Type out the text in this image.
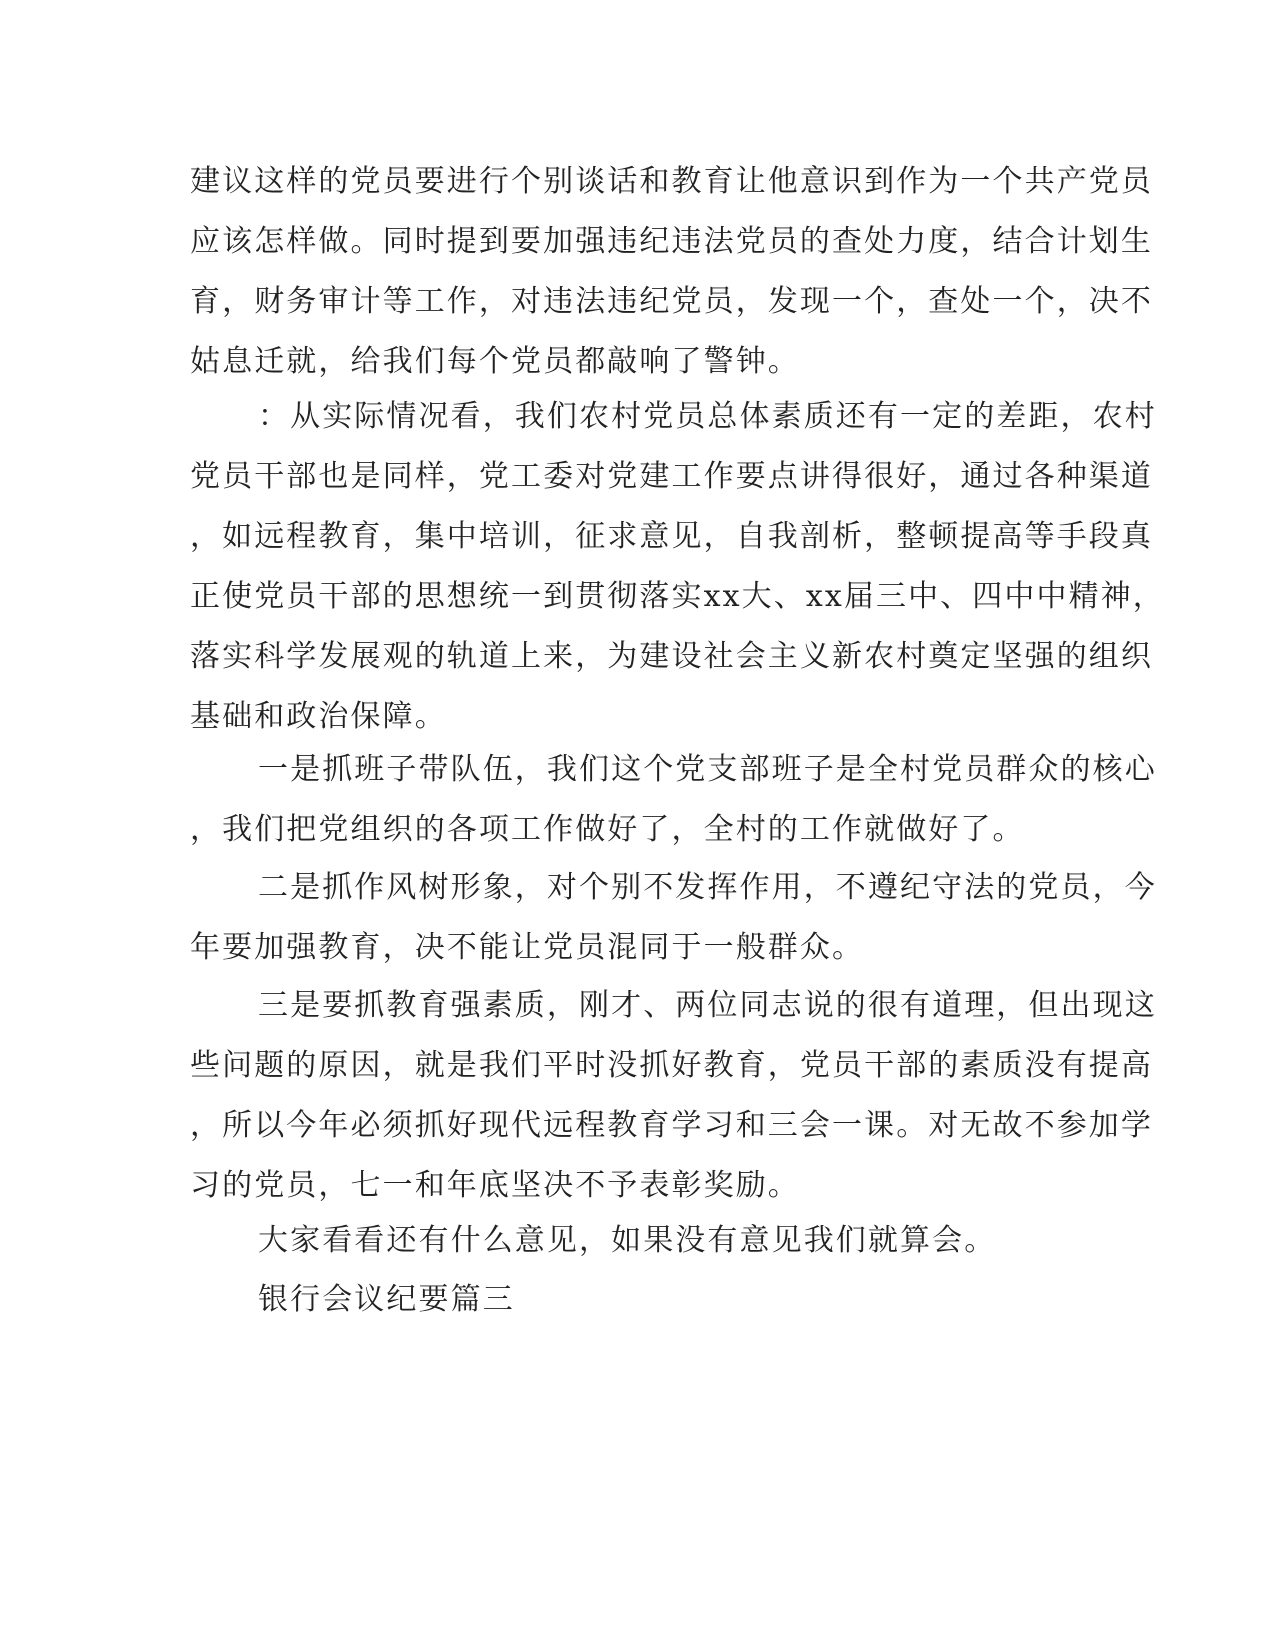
建议这样的党员要进行个别谈话和教育让他意识到作为一个共产党员
应该怎样做。同时提到要加强违纪违法党员的查处力度，结合计划生
育，财务审计等工作，对违法违纪党员，发现一个，查处一个，决不
姑息迁就，给我们每个党员都敲响了警钟。
：从实际情况看，我们农村党员总体素质还有一定的差距，农村
党员干部也是同样，党工委对党建工作要点讲得很好，通过各种渠道
，如远程教育，集中培训，征求意见，自我剖析，整顿提高等手段真
正使党员干部的思想统一到贯彻落实xx大、xx届三中、四中中精神，
落实科学发展观的轨道上来，为建设社会主义新农村奠定坚强的组织
基础和政治保障。
一是抓班子带队伍，我们这个党支部班子是全村党员群众的核心
，我们把党组织的各项工作做好了，全村的工作就做好了。
二是抓作风树形象，对个别不发挥作用，不遵纪守法的党员，今
年要加强教育，决不能让党员混同于一般群众。
三是要抓教育强素质，刚才、两位同志说的很有道理，但出现这
些问题的原因，就是我们平时没抓好教育，党员干部的素质没有提高
，所以今年必须抓好现代远程教育学习和三会一课。对无故不参加学
习的党员，七一和年底坚决不予表彰奖励。
大家看看还有什么意见，如果没有意见我们就算会。
银行会议纪要篇三
